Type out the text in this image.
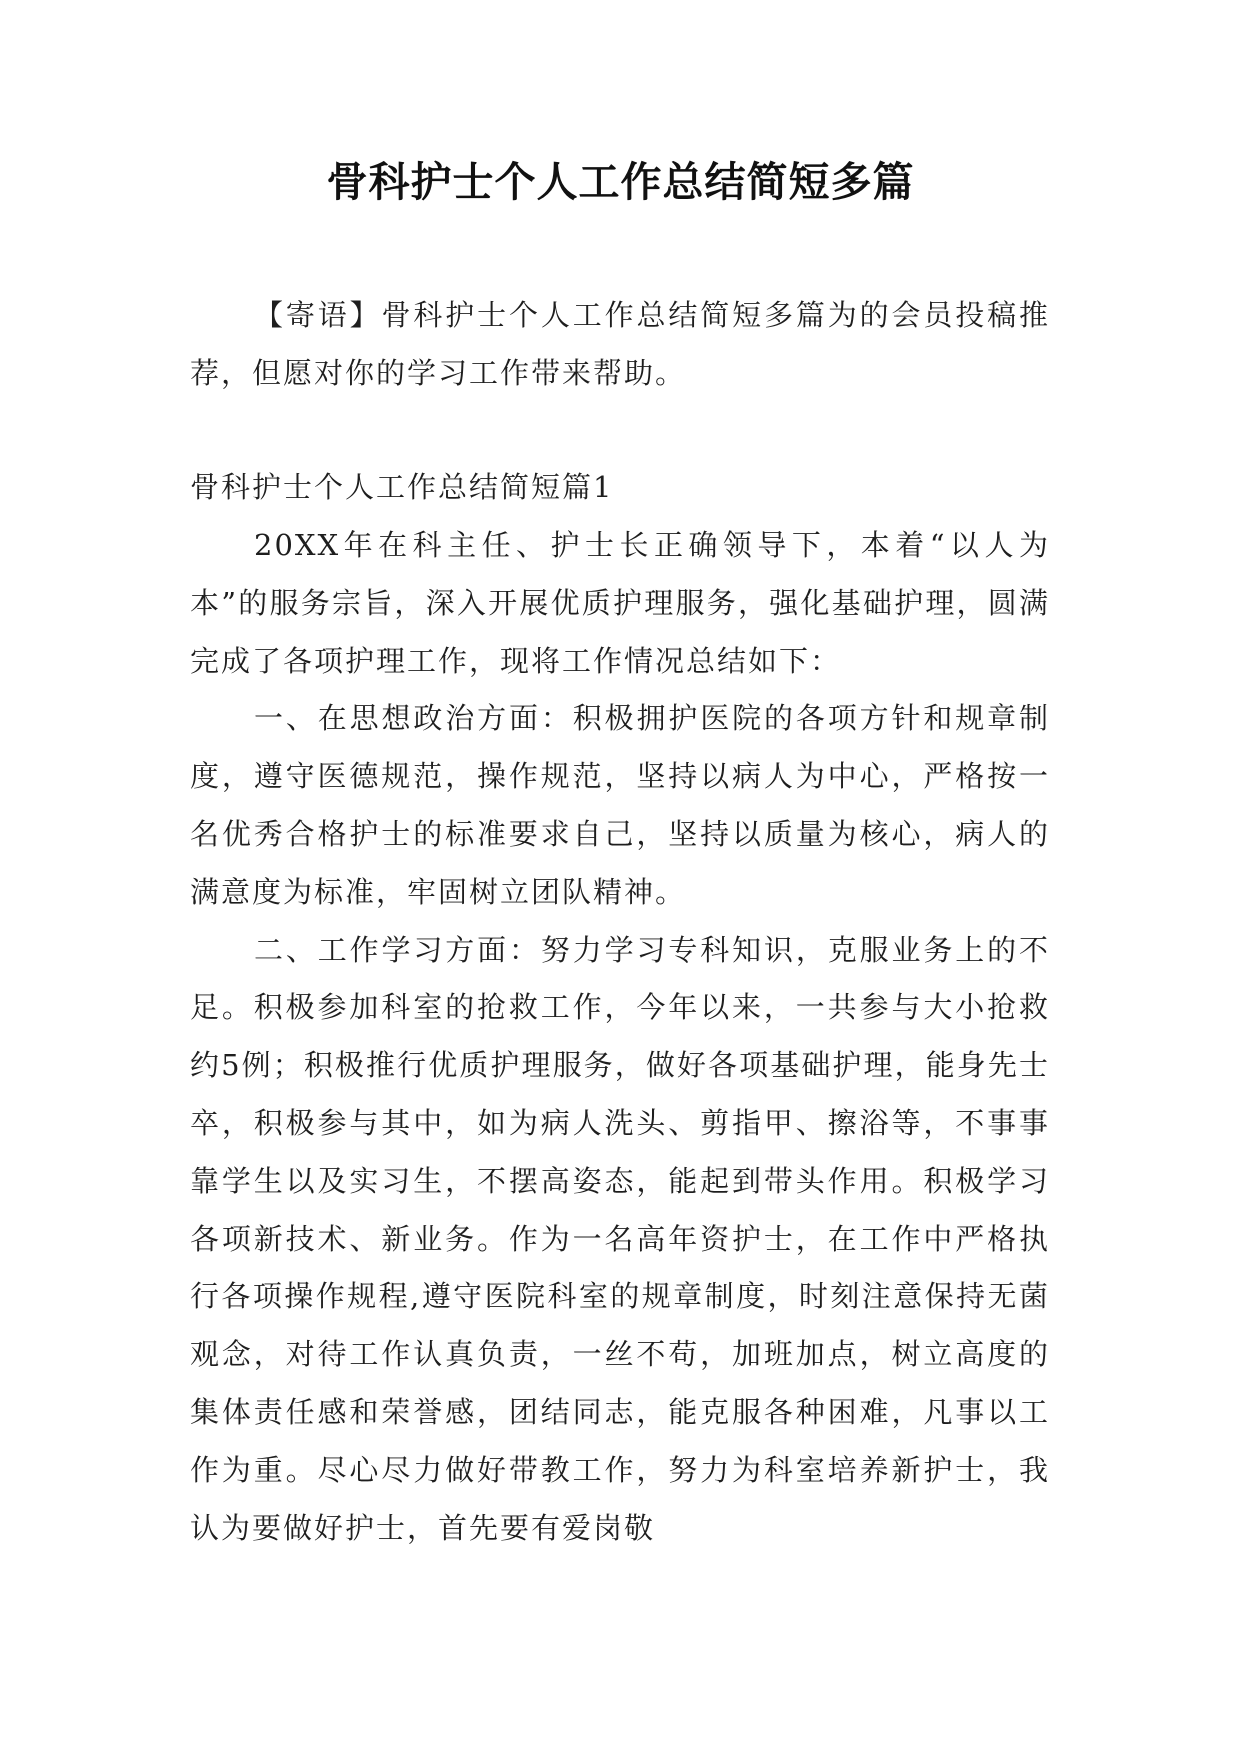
骨科护士个人工作总结简短多篇

【寄语】骨科护士个人工作总结简短多篇为的会员投稿推荐，但愿对你的学习工作带来帮助。

骨科护士个人工作总结简短篇1

20XX年在科主任、护士长正确领导下，本着“以人为本”的服务宗旨，深入开展优质护理服务，强化基础护理，圆满完成了各项护理工作，现将工作情况总结如下：

一、在思想政治方面：积极拥护医院的各项方针和规章制度，遵守医德规范，操作规范，坚持以病人为中心，严格按一名优秀合格护士的标准要求自己，坚持以质量为核心，病人的满意度为标准，牢固树立团队精神。

二、工作学习方面：努力学习专科知识，克服业务上的不足。积极参加科室的抢救工作，今年以来，一共参与大小抢救约5例；积极推行优质护理服务，做好各项基础护理，能身先士卒，积极参与其中，如为病人洗头、剪指甲、擦浴等，不事事靠学生以及实习生，不摆高姿态，能起到带头作用。积极学习各项新技术、新业务。作为一名高年资护士，在工作中严格执行各项操作规程,遵守医院科室的规章制度，时刻注意保持无菌观念，对待工作认真负责，一丝不苟，加班加点，树立高度的集体责任感和荣誉感，团结同志，能克服各种困难，凡事以工作为重。尽心尽力做好带教工作，努力为科室培养新护士，我认为要做好护士，首先要有爱岗敬
